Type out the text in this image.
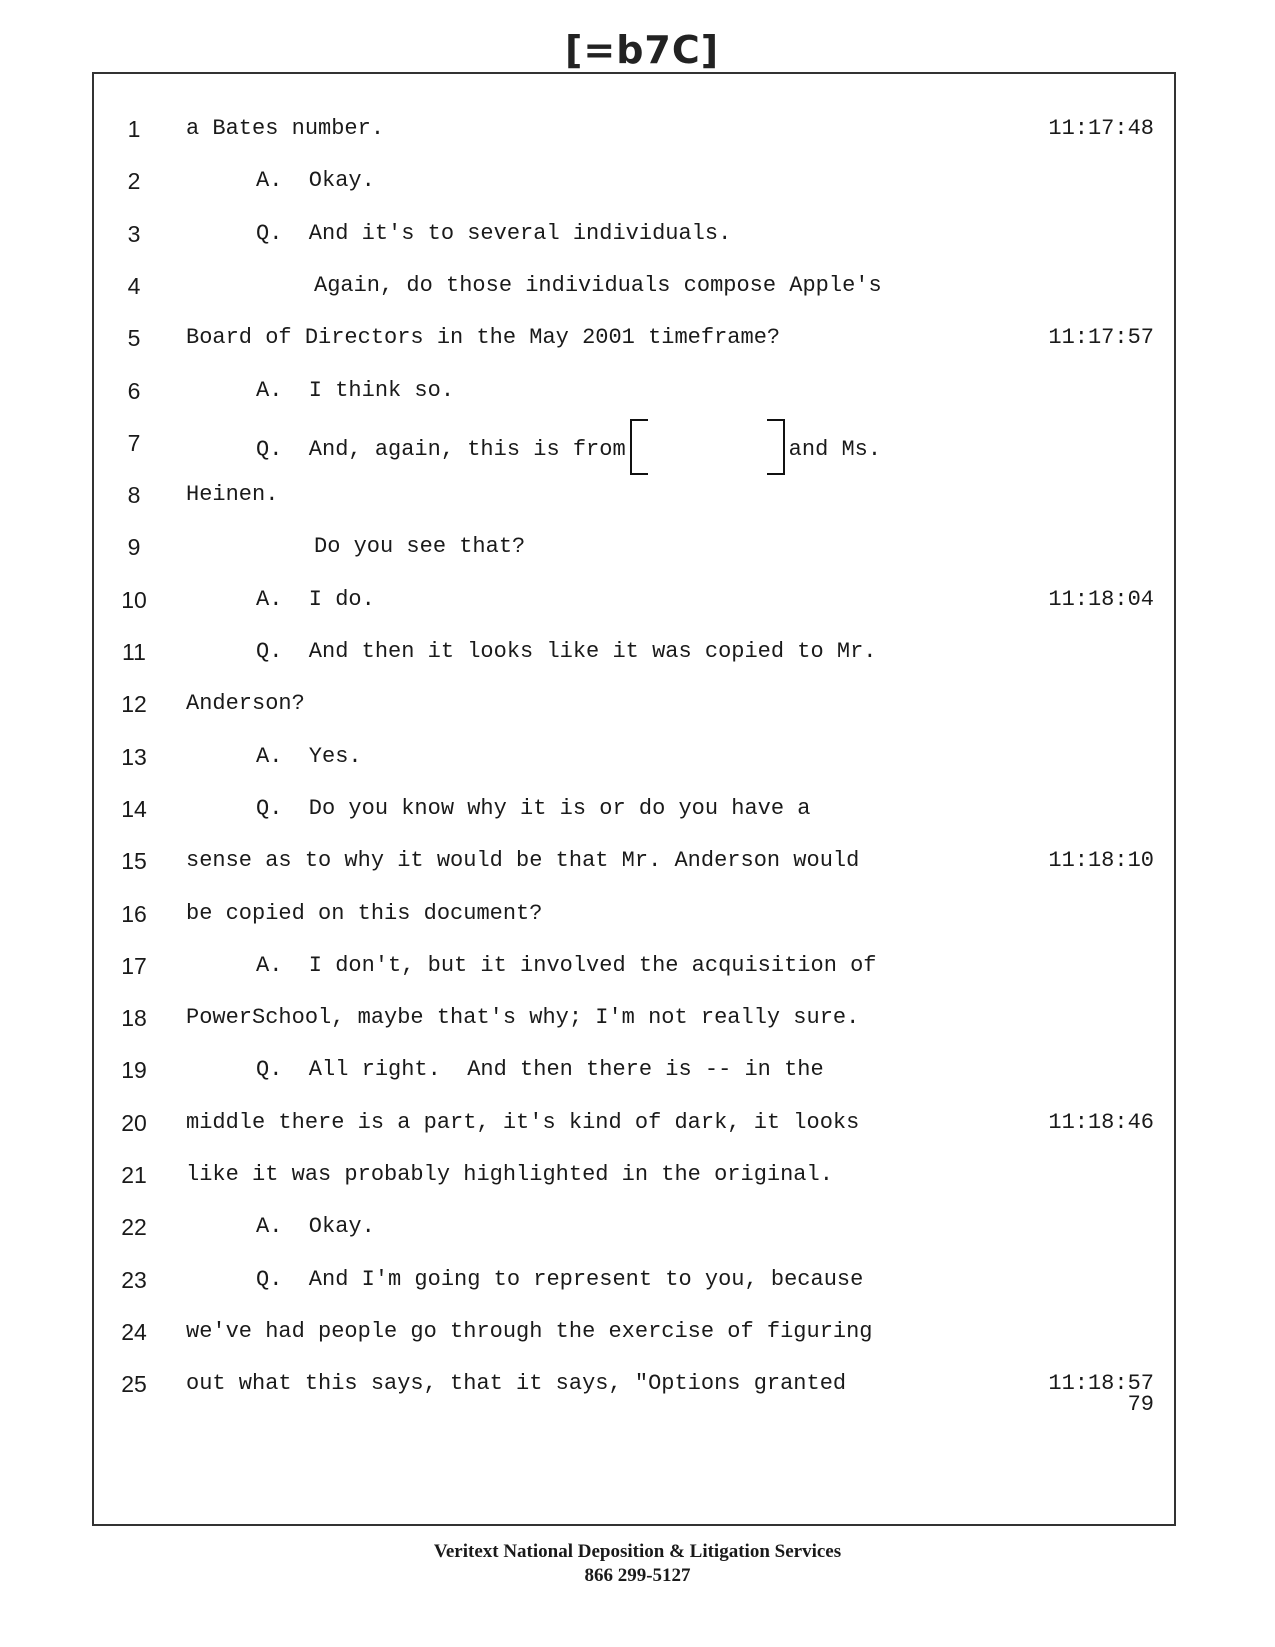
[=b7C]
1	a Bates number.	11:17:48
2	A.  Okay.
3	Q.  And it's to several individuals.
4	Again, do those individuals compose Apple's
5	Board of Directors in the May 2001 timeframe?	11:17:57
6	A.  I think so.
7	Q.  And, again, this is from	and Ms.
8	Heinen.
9	Do you see that?
10	A.  I do.	11:18:04
11	Q.  And then it looks like it was copied to Mr.
12	Anderson?
13	A.  Yes.
14	Q.  Do you know why it is or do you have a
15	sense as to why it would be that Mr. Anderson would	11:18:10
16	be copied on this document?
17	A.  I don't, but it involved the acquisition of
18	PowerSchool, maybe that's why; I'm not really sure.
19	Q.  All right.  And then there is -- in the
20	middle there is a part, it's kind of dark, it looks	11:18:46
21	like it was probably highlighted in the original.
22	A.  Okay.
23	Q.  And I'm going to represent to you, because
24	we've had people go through the exercise of figuring
25	out what this says, that it says, "Options granted	11:18:57
79
Veritext National Deposition & Litigation Services
866 299-5127
